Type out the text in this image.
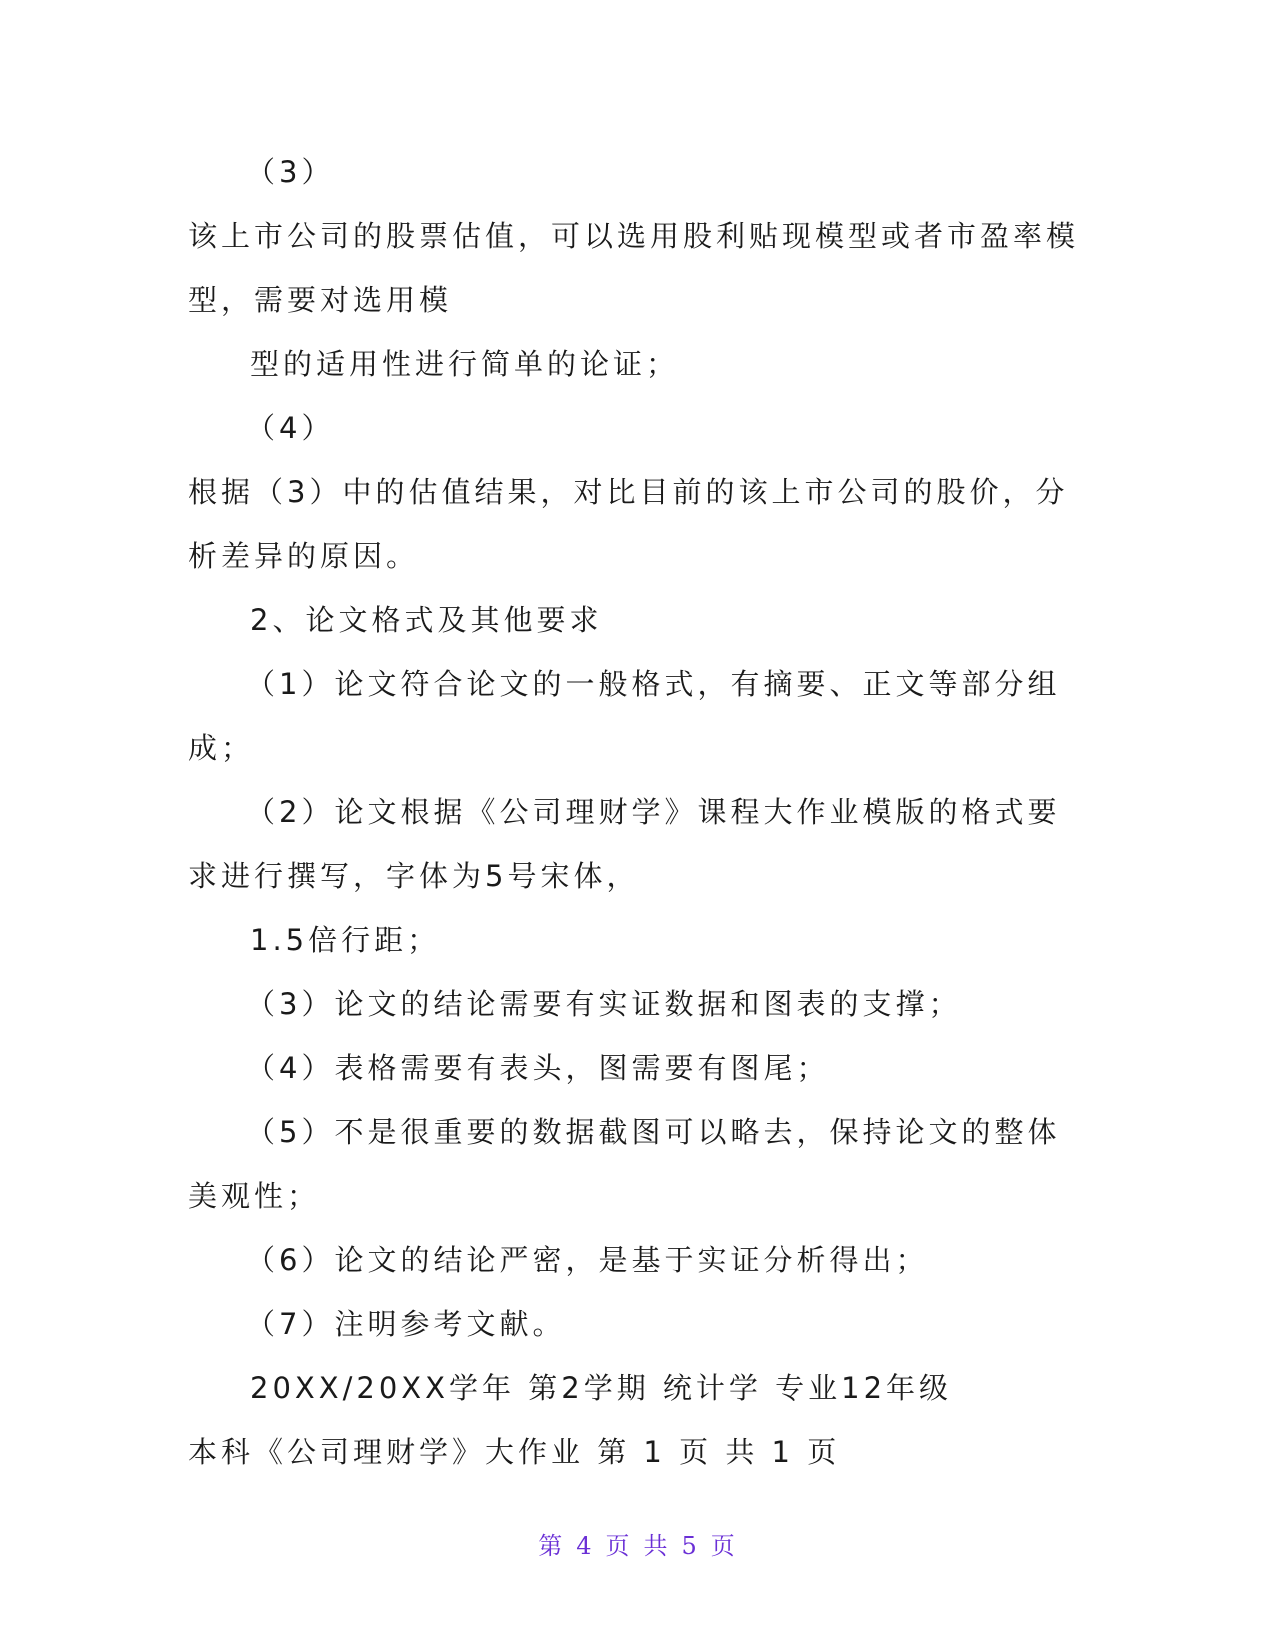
（3）
该上市公司的股票估值，可以选用股利贴现模型或者市盈率模
型，需要对选用模
型的适用性进行简单的论证；
（4）
根据（3）中的估值结果，对比目前的该上市公司的股价，分
析差异的原因。
2、论文格式及其他要求
（1）论文符合论文的一般格式，有摘要、正文等部分组
成；
（2）论文根据《公司理财学》课程大作业模版的格式要
求进行撰写，字体为5号宋体，
1.5倍行距；
（3）论文的结论需要有实证数据和图表的支撑；
（4）表格需要有表头，图需要有图尾；
（5）不是很重要的数据截图可以略去，保持论文的整体
美观性；
（6）论文的结论严密，是基于实证分析得出；
（7）注明参考文献。
20XX/20XX学年 第2学期 统计学 专业12年级
本科《公司理财学》大作业 第 1 页 共 1 页
第 4 页 共 5 页
